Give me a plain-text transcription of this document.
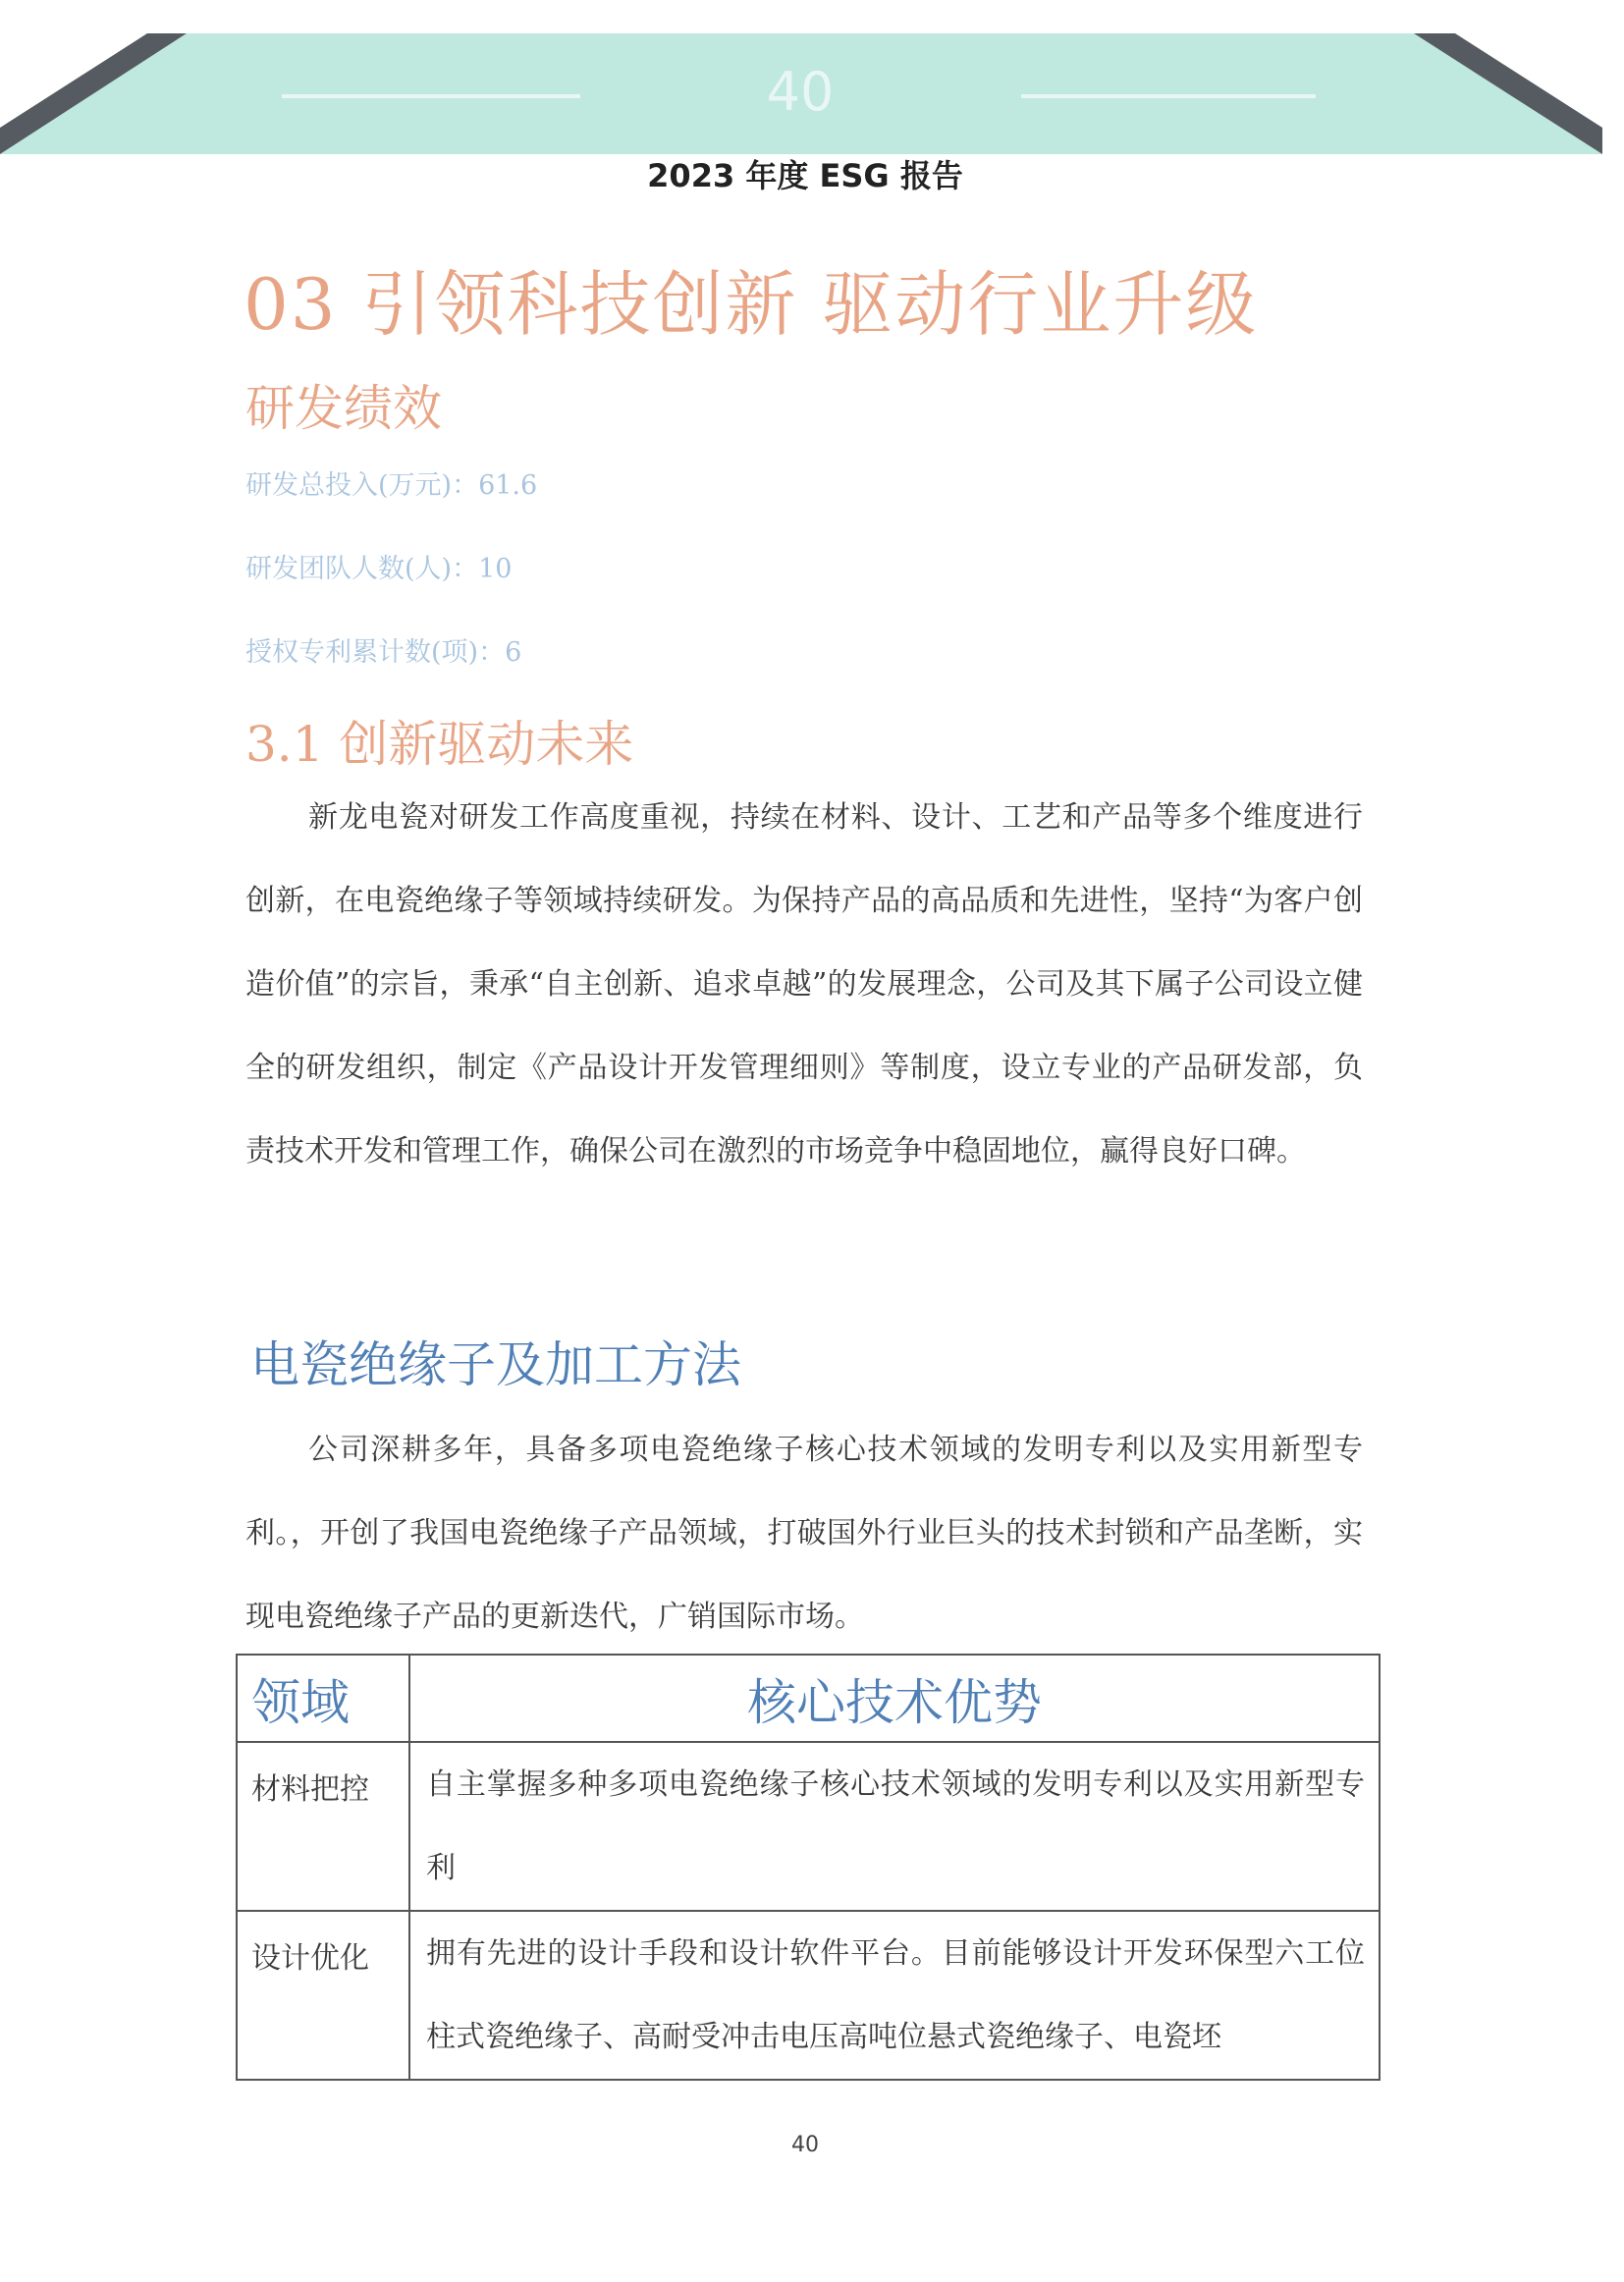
40
2023 年度 ESG 报告
03 引领科技创新 驱动行业升级
研发绩效
研发总投入(万元)：61.6
研发团队人数(人)：10
授权专利累计数(项)：6
3.1 创新驱动未来
新龙电瓷对研发工作高度重视，持续在材料、设计、工艺和产品等多个维度进行创新，在电瓷绝缘子等领域持续研发。为保持产品的高品质和先进性，坚持“为客户创造价值”的宗旨，秉承“自主创新、追求卓越”的发展理念，公司及其下属子公司设立健全的研发组织，制定《产品设计开发管理细则》等制度，设立专业的产品研发部，负责技术开发和管理工作，确保公司在激烈的市场竞争中稳固地位，赢得良好口碑。
电瓷绝缘子及加工方法
公司深耕多年，具备多项电瓷绝缘子核心技术领域的发明专利以及实用新型专利。，开创了我国电瓷绝缘子产品领域，打破国外行业巨头的技术封锁和产品垄断，实现电瓷绝缘子产品的更新迭代，广销国际市场。
领域	核心技术优势
材料把控	自主掌握多种多项电瓷绝缘子核心技术领域的发明专利以及实用新型专利
设计优化	拥有先进的设计手段和设计软件平台。目前能够设计开发环保型六工位柱式瓷绝缘子、高耐受冲击电压高吨位悬式瓷绝缘子、电瓷坯
40
